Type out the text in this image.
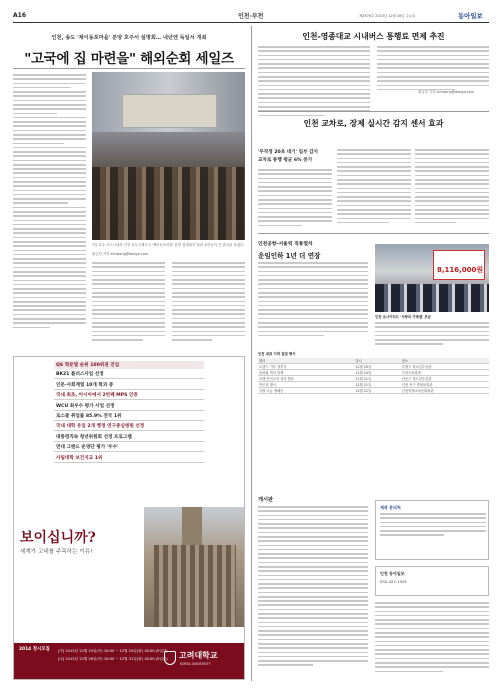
A16	인천·부천	제2876호 2013년 12월 18일 수요일	동아일보
인천, 송도 '제이동포마을' 분양 호주서 설명회… 내년엔 독일서 개최
"고국에 집 마련을" 해외순회 세일즈
7일 호주 시드니에서 인천 송도국제도시 '제이동포마을' 분양 설명회가 열려 교민들이 큰 관심을 보였다.
황금천 기자 kchwang@donga.com
인천-영종대교 시내버스 통행료 면제 추진
황금천 기자 kchwang@donga.com
인천 교차로, 장제 실시간 감지 센서 효과
'무작정 20초 대기' 일부 감지
교차로 통행 평균 6% 증가
인천공항-서울역 직통열차
운임인하 1년 더 연장
8,116,000원
인천 유나이티드 '사랑의 가족캠' 모금
인천 대표 지역 접점 행사
행사	일시	장소
트렌드 기부 결혼식	12월 20일	부평구 청소년수련관
동화와 책과 함께	12월 20일	인천시문화원
보행 안전교육 성과 발표	12월 21일	남동구 청소년수련관
북인천 행사	12월 21일	인천 서구 종합문화관
사랑 나눔 캠페인	12월 22일	인천학생교육문화회관
QS 학문별 순위 100위권 진입
BK21 플러스사업 선정
인문·사회계열 10개 학과 중
국내 최초, 아시아에서 2번째 MPS 인증
WCU 최우수 평가 사업 선정
로스쿨 취업률 85.9% 전국 1위
국내 대학 유일 2개 행정 연구중심병원 선정
대통령직속 청년위원회 선정 프로그램
연대 그랜드 운영단 평가 '우수'
사립대학 보건지교 1위
보이십니까?
세계가 고대를 주목하는 이유!
2014 정시모집	[가] 2013년 12월 19일(목) 10:00 ~ 12월 24일(화) 18:00 (5일간)
[나] 2013년 12월 26일(목) 10:00 ~ 12월 31일(화) 18:00 (5일간) 고려대학교
KOREA UNIVERSITY
게시판
제작 문의처
인천 동아일보
032-427-1001
